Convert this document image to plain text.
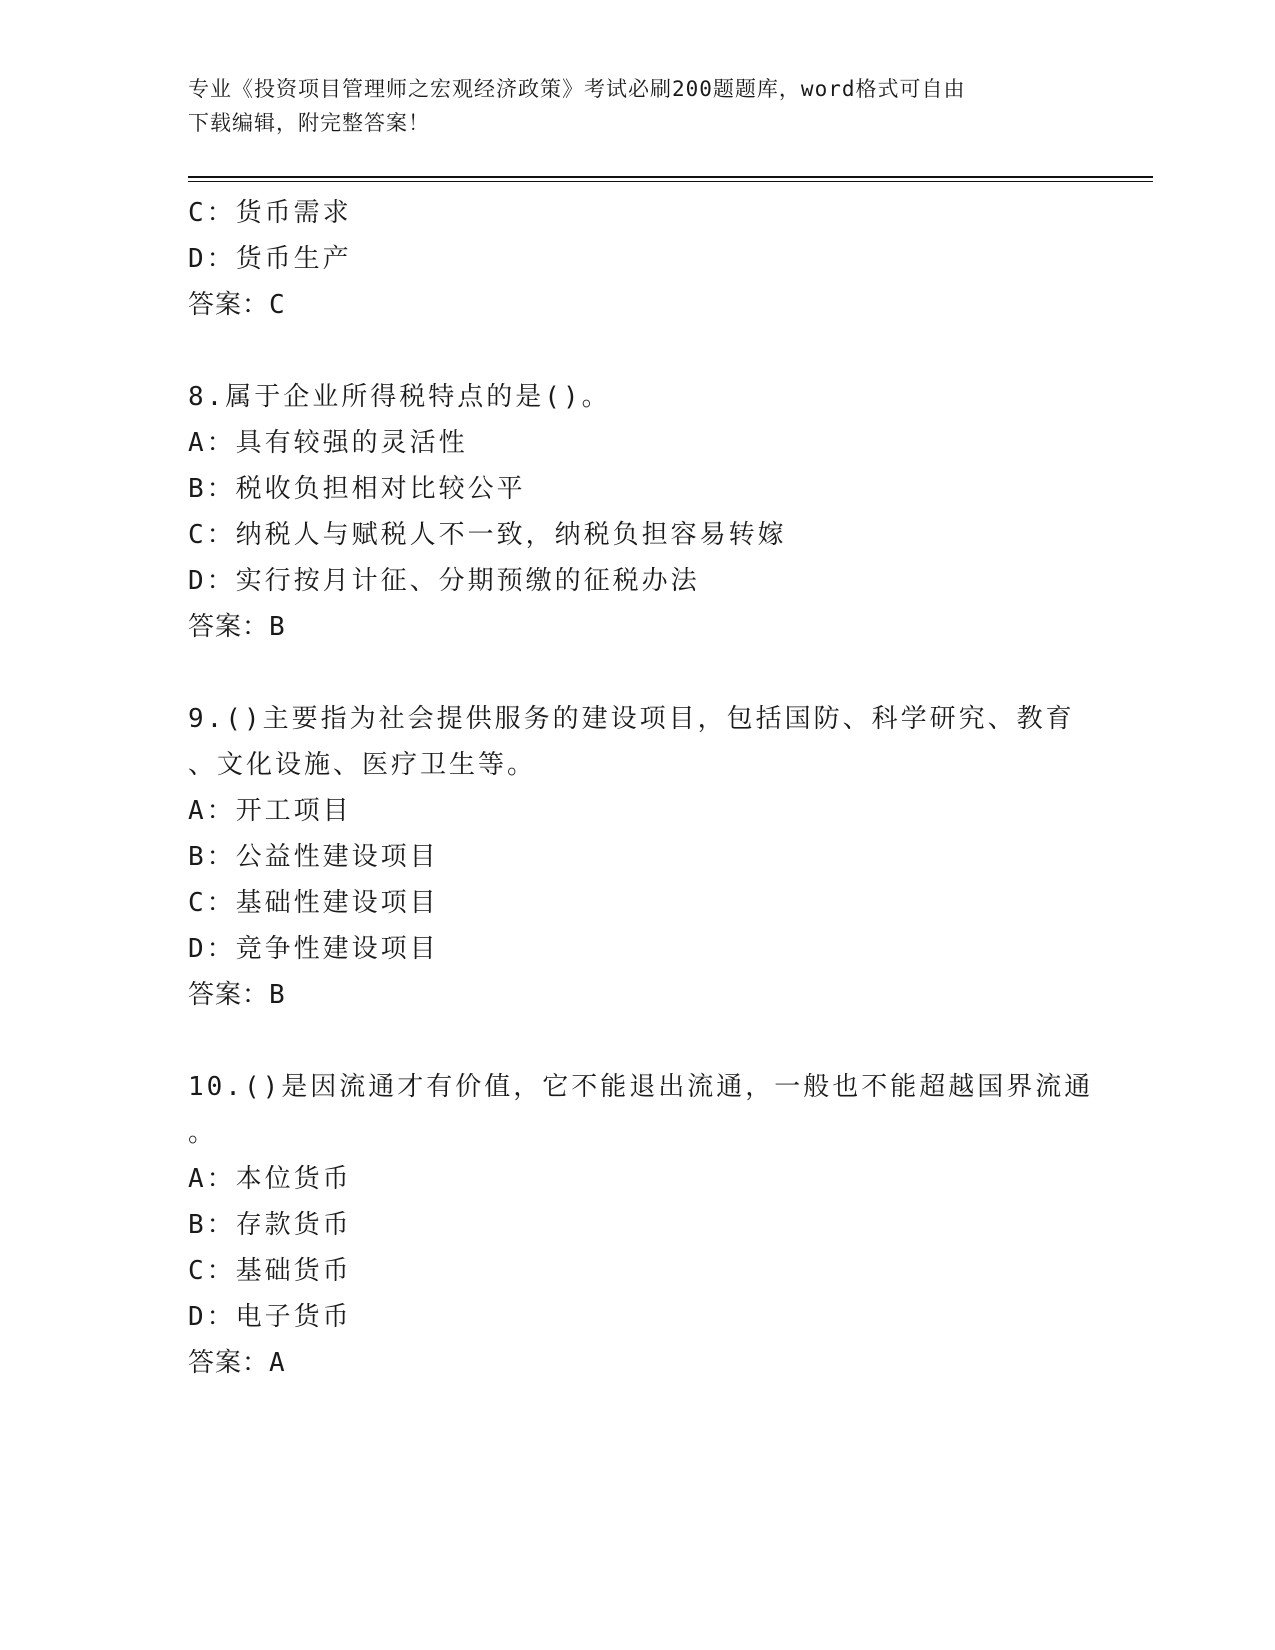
专业《投资项目管理师之宏观经济政策》考试必刷200题题库，word格式可自由
下载编辑，附完整答案！
C：货币需求
D：货币生产
答案：C
8.属于企业所得税特点的是()。
A：具有较强的灵活性
B：税收负担相对比较公平
C：纳税人与赋税人不一致，纳税负担容易转嫁
D：实行按月计征、分期预缴的征税办法
答案：B
9.()主要指为社会提供服务的建设项目，包括国防、科学研究、教育
、文化设施、医疗卫生等。
A：开工项目
B：公益性建设项目
C：基础性建设项目
D：竞争性建设项目
答案：B
10.()是因流通才有价值，它不能退出流通，一般也不能超越国界流通
。
A：本位货币
B：存款货币
C：基础货币
D：电子货币
答案：A
